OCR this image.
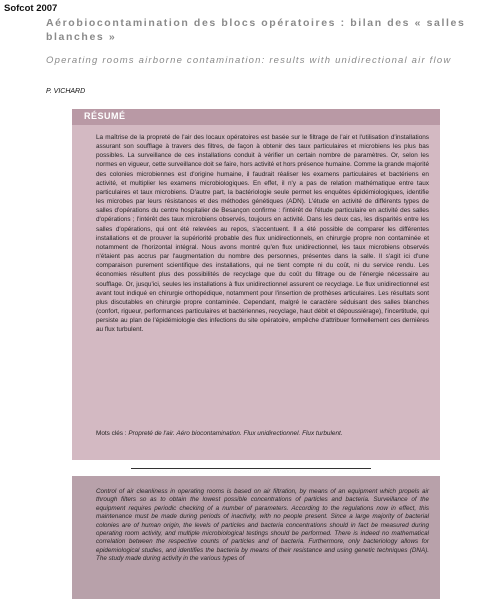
Sofcot 2007
Aérobiocontamination des blocs opératoires : bilan des « salles blanches »
Operating rooms airborne contamination: results with unidirectional air flow
P. VICHARD
RÉSUMÉ
La maîtrise de la propreté de l'air des locaux opératoires est basée sur le filtrage de l'air et l'utilisation d'installations assurant son soufflage à travers des filtres, de façon à obtenir des taux particulaires et microbiens les plus bas possibles. La surveillance de ces installations conduit à vérifier un certain nombre de paramètres. Or, selon les normes en vigueur, cette surveillance doit se faire, hors activité et hors présence humaine. Comme la grande majorité des colonies microbiennes est d'origine humaine, il faudrait réaliser les examens particulaires et bactériens en activité, et multiplier les examens microbiologiques. En effet, il n'y a pas de relation mathématique entre taux particulaires et taux microbiens. D'autre part, la bactériologie seule permet les enquêtes épidémiologiques, identifie les microbes par leurs résistances et des méthodes génétiques (ADN). L'étude en activité de différents types de salles d'opérations du centre hospitalier de Besançon confirme : l'intérêt de l'étude particulaire en activité des salles d'opérations ; l'intérêt des taux microbiens observés, toujours en activité. Dans les deux cas, les disparités entre les salles d'opérations, qui ont été relevées au repos, s'accentuent. Il a été possible de comparer les différentes installations et de prouver la supériorité probable des flux unidirectionnels, en chirurgie propre non contaminée et notamment de l'horizontal intégral. Nous avons montré qu'en flux unidirectionnel, les taux microbiens observés n'étaient pas accrus par l'augmentation du nombre des personnes, présentes dans la salle. Il s'agit ici d'une comparaison purement scientifique des installations, qui ne tient compte ni du coût, ni du service rendu. Les économies résultent plus des possibilités de recyclage que du coût du filtrage ou de l'énergie nécessaire au soufflage. Or, jusqu'ici, seules les installations à flux unidirectionnel assurent ce recyclage. Le flux unidirectionnel est avant tout indiqué en chirurgie orthopédique, notamment pour l'insertion de prothèses articulaires. Les résultats sont plus discutables en chirurgie propre contaminée. Cependant, malgré le caractère séduisant des salles blanches (confort, rigueur, performances particulaires et bactériennes, recyclage, haut débit et dépoussiérage), l'incertitude, qui persiste au plan de l'épidémiologie des infections du site opératoire, empêche d'attribuer formellement ces dernières au flux turbulent.
Mots clés : Propreté de l'air. Aéro biocontamination. Flux unidirectionnel. Flux turbulent.
Control of air cleanliness in operating rooms is based on air filtration, by means of an equipment which propels air through filters so as to obtain the lowest possible concentrations of particles and bacteria. Surveillance of the equipment requires periodic checking of a number of parameters. According to the regulations now in effect, this maintenance must be made during periods of inactivity, with no people present. Since a large majority of bacterial colonies are of human origin, the levels of particles and bacteria concentrations should in fact be measured during operating room activity, and multiple microbiological testings should be performed. There is indeed no mathematical correlation between the respective counts of particles and of bacteria. Furthermore, only bacteriology allows for epidemiological studies, and identifies the bacteria by means of their resistance and using genetic techniques (DNA). The study made during activity in the various types of
